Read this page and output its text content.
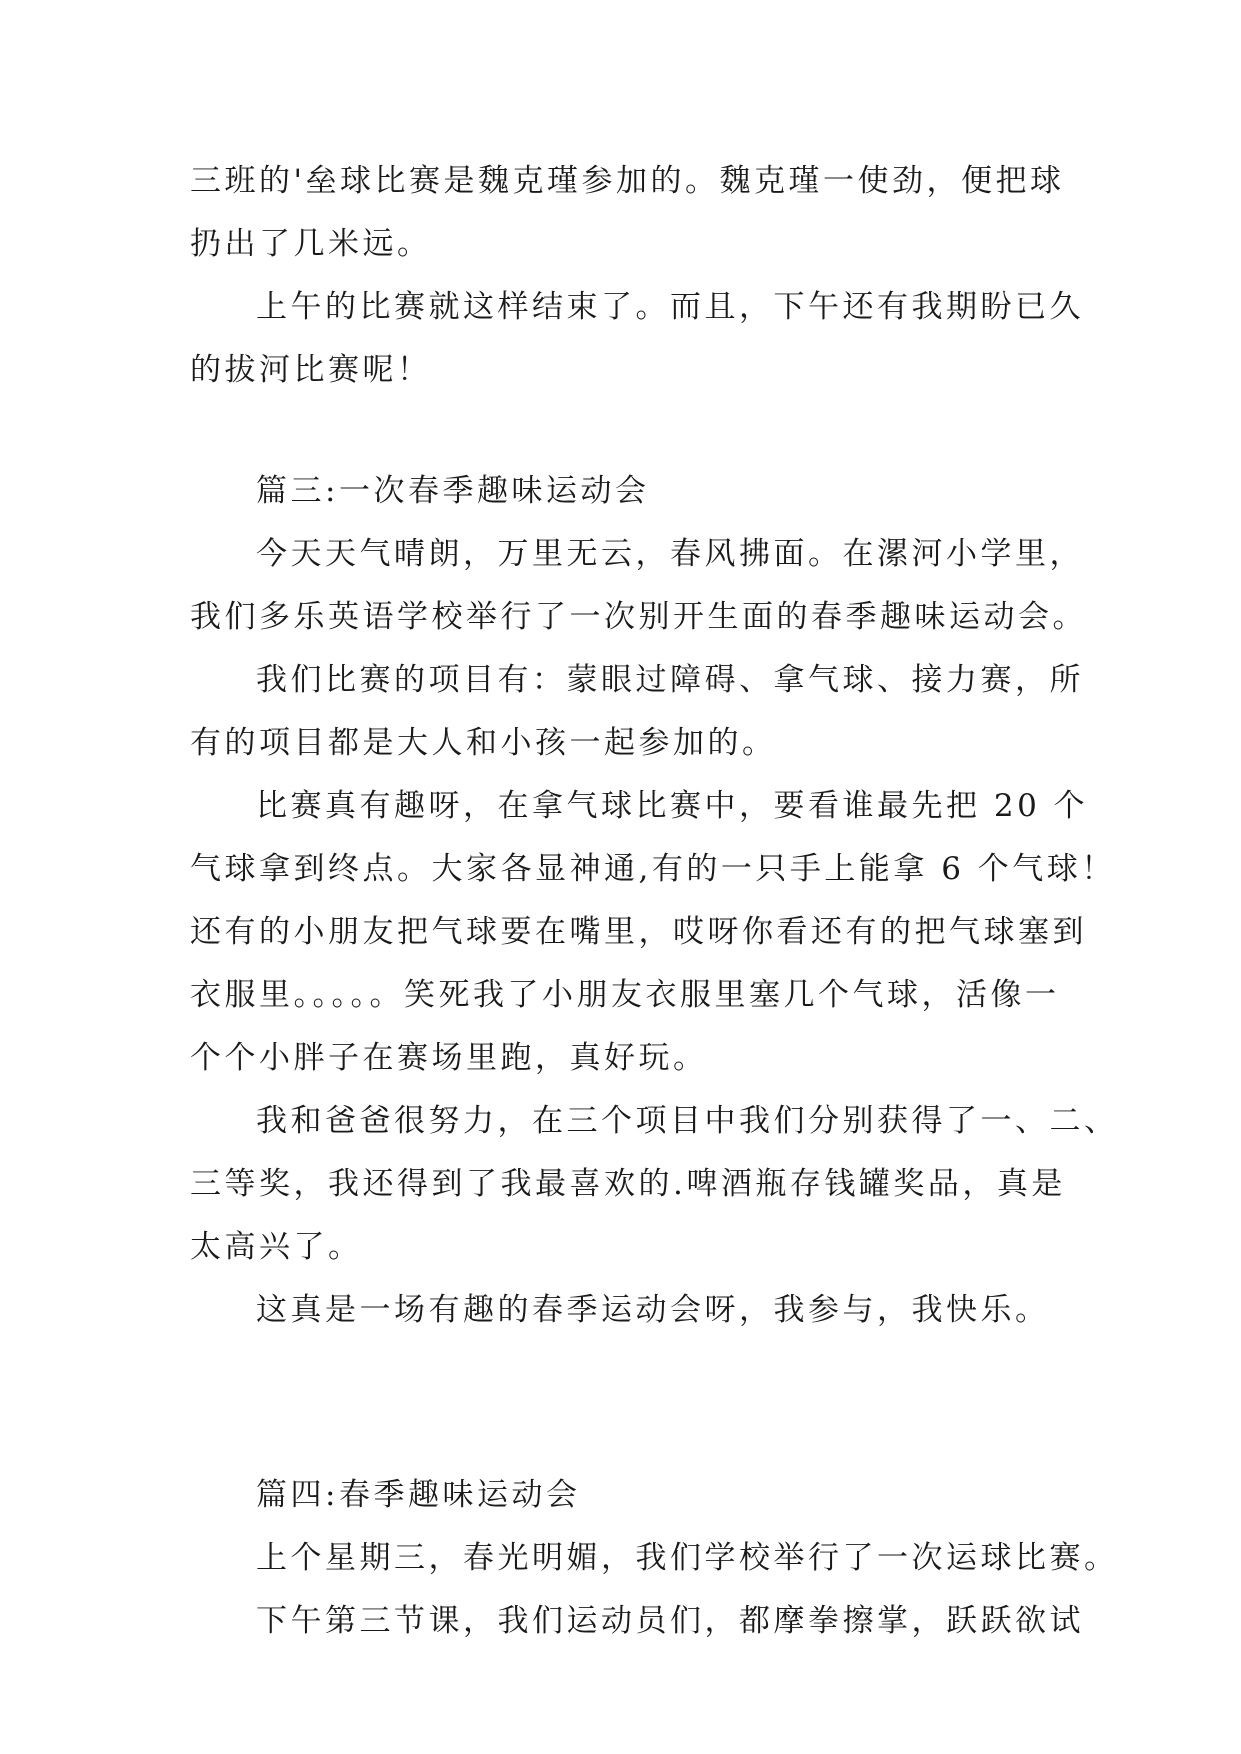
三班的'垒球比赛是魏克瑾参加的。魏克瑾一使劲，便把球
扔出了几米远。
上午的比赛就这样结束了。而且，下午还有我期盼已久
的拔河比赛呢！
篇三:一次春季趣味运动会
今天天气晴朗，万里无云，春风拂面。在漯河小学里，
我们多乐英语学校举行了一次别开生面的春季趣味运动会。
我们比赛的项目有：蒙眼过障碍、拿气球、接力赛，所
有的项目都是大人和小孩一起参加的。
比赛真有趣呀，在拿气球比赛中，要看谁最先把 20 个
气球拿到终点。大家各显神通,有的一只手上能拿 6 个气球！
还有的小朋友把气球要在嘴里，哎呀你看还有的把气球塞到
衣服里。。。。。笑死我了小朋友衣服里塞几个气球，活像一
个个小胖子在赛场里跑，真好玩。
我和爸爸很努力，在三个项目中我们分别获得了一、二、
三等奖，我还得到了我最喜欢的.啤酒瓶存钱罐奖品，真是
太高兴了。
这真是一场有趣的春季运动会呀，我参与，我快乐。
篇四:春季趣味运动会
上个星期三，春光明媚，我们学校举行了一次运球比赛。
下午第三节课，我们运动员们，都摩拳擦掌，跃跃欲试
